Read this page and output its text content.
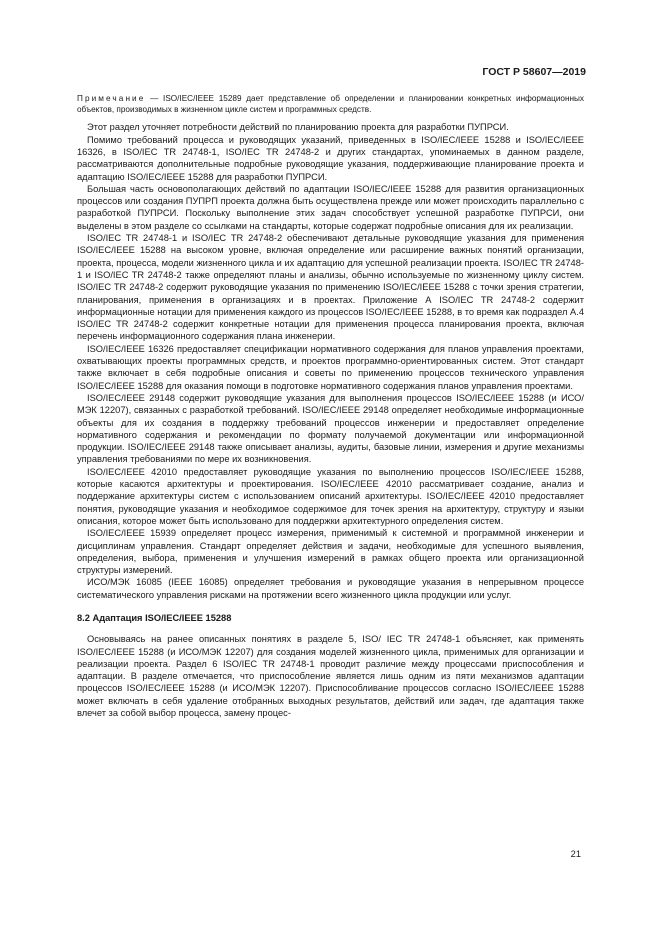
ГОСТ Р 58607—2019

Примечание — ISO/IEC/IEEE 15289 дает представление об определении и планировании конкретных информационных объектов, производимых в жизненном цикле систем и программных средств.

Этот раздел уточняет потребности действий по планированию проекта для разработки ПУПРСИ.

Помимо требований процесса и руководящих указаний, приведенных в ISO/IEC/IEEE 15288 и ISO/IEC/IEEE 16326, в ISO/IEC TR 24748-1, ISO/IEC TR 24748-2 и других стандартах, упоминаемых в данном разделе, рассматриваются дополнительные подробные руководящие указания, поддерживающие планирование проекта и адаптацию ISO/IEC/IEEE 15288 для разработки ПУПРСИ.

Большая часть основополагающих действий по адаптации ISO/IEC/IEEE 15288 для развития организационных процессов или создания ПУПРП проекта должна быть осуществлена прежде или может происходить параллельно с разработкой ПУПРСИ. Поскольку выполнение этих задач способствует успешной разработке ПУПРСИ, они выделены в этом разделе со ссылками на стандарты, которые содержат подробные описания для их реализации.

ISO/IEC TR 24748-1 и ISO/IEC TR 24748-2 обеспечивают детальные руководящие указания для применения ISO/IEC/IEEE 15288 на высоком уровне, включая определение или расширение важных понятий организации, проекта, процесса, модели жизненного цикла и их адаптацию для успешной реализации проекта. ISO/IEC TR 24748-1 и ISO/IEC TR 24748-2 также определяют планы и анализы, обычно используемые по жизненному циклу систем. ISO/IEC TR 24748-2 содержит руководящие указания по применению ISO/IEC/IEEE 15288 с точки зрения стратегии, планирования, применения в организациях и в проектах. Приложение А ISO/IEC TR 24748-2 содержит информационные нотации для применения каждого из процессов ISO/IEC/IEEE 15288, в то время как подраздел А.4 ISO/IEC TR 24748-2 содержит конкретные нотации для применения процесса планирования проекта, включая перечень информационного содержания плана инженерии.

ISO/IEC/IEEE 16326 предоставляет спецификации нормативного содержания для планов управления проектами, охватывающих проекты программных средств, и проектов программно-ориентированных систем. Этот стандарт также включает в себя подробные описания и советы по применению процессов технического управления ISO/IEC/IEEE 15288 для оказания помощи в подготовке нормативного содержания планов управления проектами.

ISO/IEC/IEEE 29148 содержит руководящие указания для выполнения процессов ISO/IEC/IEEE 15288 (и ИСО/МЭК 12207), связанных с разработкой требований. ISO/IEC/IEEE 29148 определяет необходимые информационные объекты для их создания в поддержку требований процессов инженерии и предоставляет определение нормативного содержания и рекомендации по формату получаемой документации или информационной продукции. ISO/IEC/IEEE 29148 также описывает анализы, аудиты, базовые линии, измерения и другие механизмы управления требованиями по мере их возникновения.

ISO/IEC/IEEE 42010 предоставляет руководящие указания по выполнению процессов ISO/IEC/IEEE 15288, которые касаются архитектуры и проектирования. ISO/IEC/IEEE 42010 рассматривает создание, анализ и поддержание архитектуры систем с использованием описаний архитектуры. ISO/IEC/IEEE 42010 предоставляет понятия, руководящие указания и необходимое содержимое для точек зрения на архитектуру, структуру и языки описания, которое может быть использовано для поддержки архитектурного определения систем.

ISO/IEC/IEEE 15939 определяет процесс измерения, применимый к системной и программной инженерии и дисциплинам управления. Стандарт определяет действия и задачи, необходимые для успешного выявления, определения, выбора, применения и улучшения измерений в рамках общего проекта или организационной структуры измерений.

ИСО/МЭК 16085 (IEEE 16085) определяет требования и руководящие указания в непрерывном процессе систематического управления рисками на протяжении всего жизненного цикла продукции или услуг.

8.2 Адаптация ISO/IEC/IEEE 15288

Основываясь на ранее описанных понятиях в разделе 5, ISO/ IEC TR 24748-1 объясняет, как применять ISO/IEC/IEEE 15288 (и ИСО/МЭК 12207) для создания моделей жизненного цикла, применимых для организации и реализации проекта. Раздел 6 ISO/IEC TR 24748-1 проводит различие между процессами приспособления и адаптации. В разделе отмечается, что приспособление является лишь одним из пяти механизмов адаптации процессов ISO/IEC/IEEE 15288 (и ИСО/МЭК 12207). Приспособливание процессов согласно ISO/IEC/IEEE 15288 может включать в себя удаление отобранных выходных результатов, действий или задач, где адаптация также влечет за собой выбор процесса, замену процес-

21
